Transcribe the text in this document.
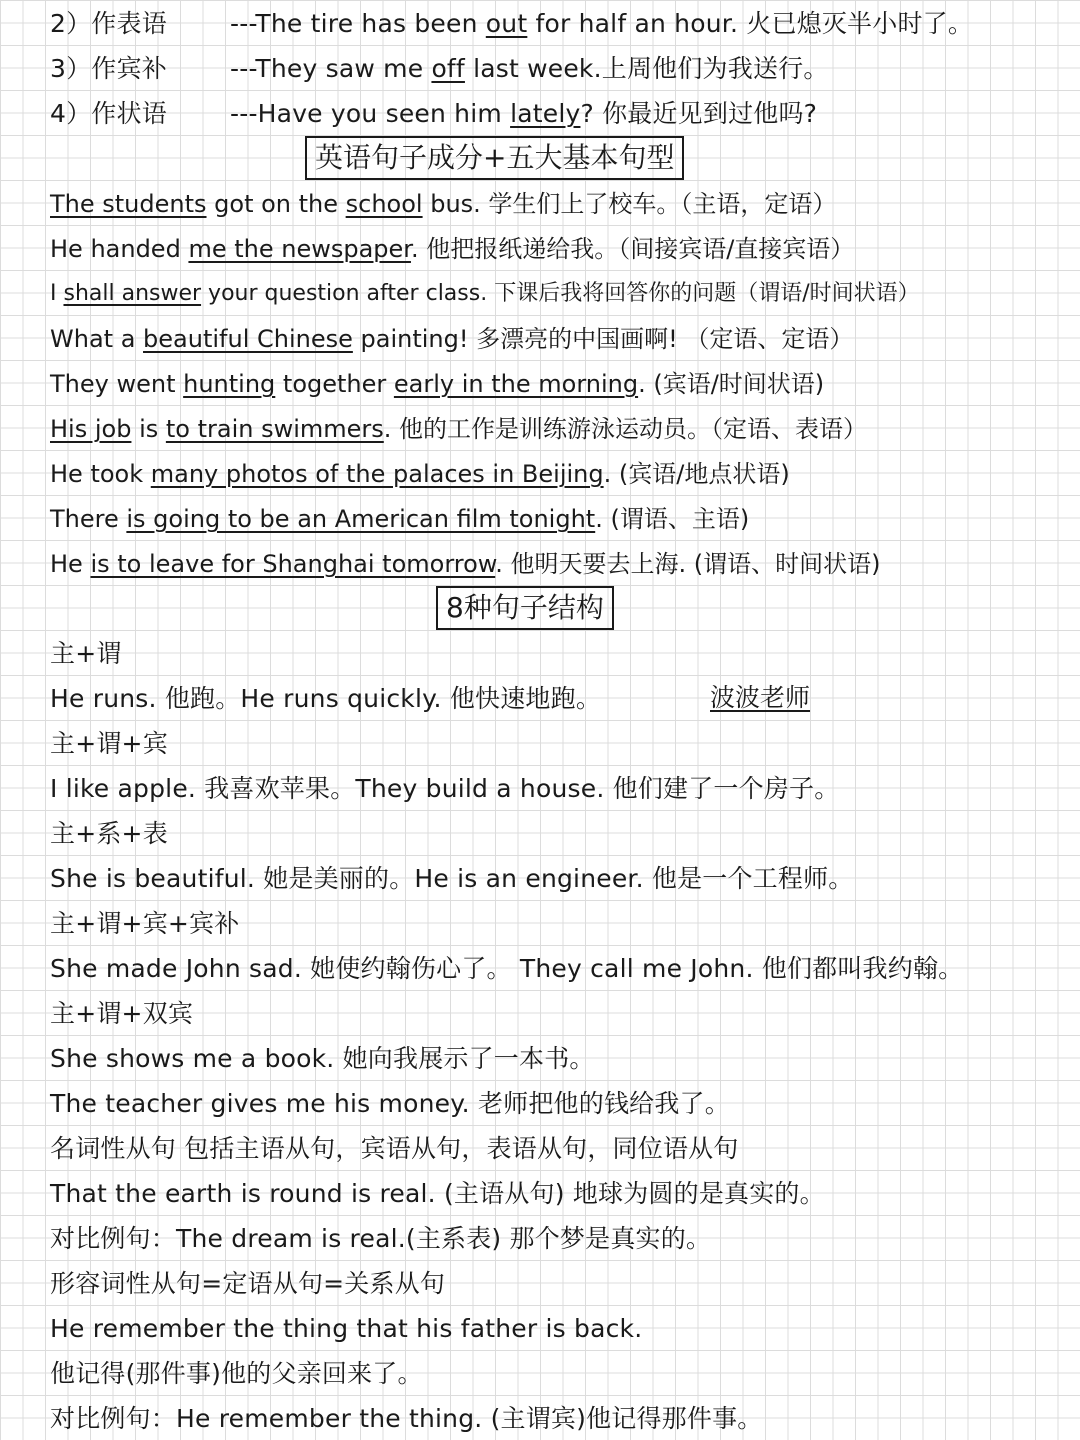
2）作表语	---The tire has been out for half an hour. 火已熄灭半小时了。
3）作宾补	---They saw me off last week.上周他们为我送行。
4）作状语	---Have you seen him lately? 你最近见到过他吗?
英语句子成分+五大基本句型
The students got on the school bus. 学生们上了校车。（主语，定语）
He handed me the newspaper. 他把报纸递给我。（间接宾语/直接宾语）
I shall answer your question after class. 下课后我将回答你的问题（谓语/时间状语）
What a beautiful Chinese painting! 多漂亮的中国画啊! （定语、定语）
They went hunting together early in the morning. (宾语/时间状语)
His job is to train swimmers. 他的工作是训练游泳运动员。（定语、表语）
He took many photos of the palaces in Beijing. (宾语/地点状语)
There is going to be an American film tonight. (谓语、主语)
He is to leave for Shanghai tomorrow. 他明天要去上海. (谓语、时间状语)
8种句子结构
主+谓
He runs. 他跑。He runs quickly. 他快速地跑。
主+谓+宾
I like apple. 我喜欢苹果。They build a house. 他们建了一个房子。
主+系+表
She is beautiful. 她是美丽的。He is an engineer. 他是一个工程师。
主+谓+宾+宾补
She made John sad. 她使约翰伤心了。 They call me John. 他们都叫我约翰。
主+谓+双宾
She shows me a book. 她向我展示了一本书。
The teacher gives me his money. 老师把他的钱给我了。
名词性从句 包括主语从句，宾语从句，表语从句，同位语从句
That the earth is round is real. (主语从句) 地球为圆的是真实的。
对比例句：The dream is real.(主系表) 那个梦是真实的。
形容词性从句=定语从句=关系从句
He remember the thing that his father is back.
他记得(那件事)他的父亲回来了。
对比例句：He remember the thing. (主谓宾)他记得那件事。
波波老师
